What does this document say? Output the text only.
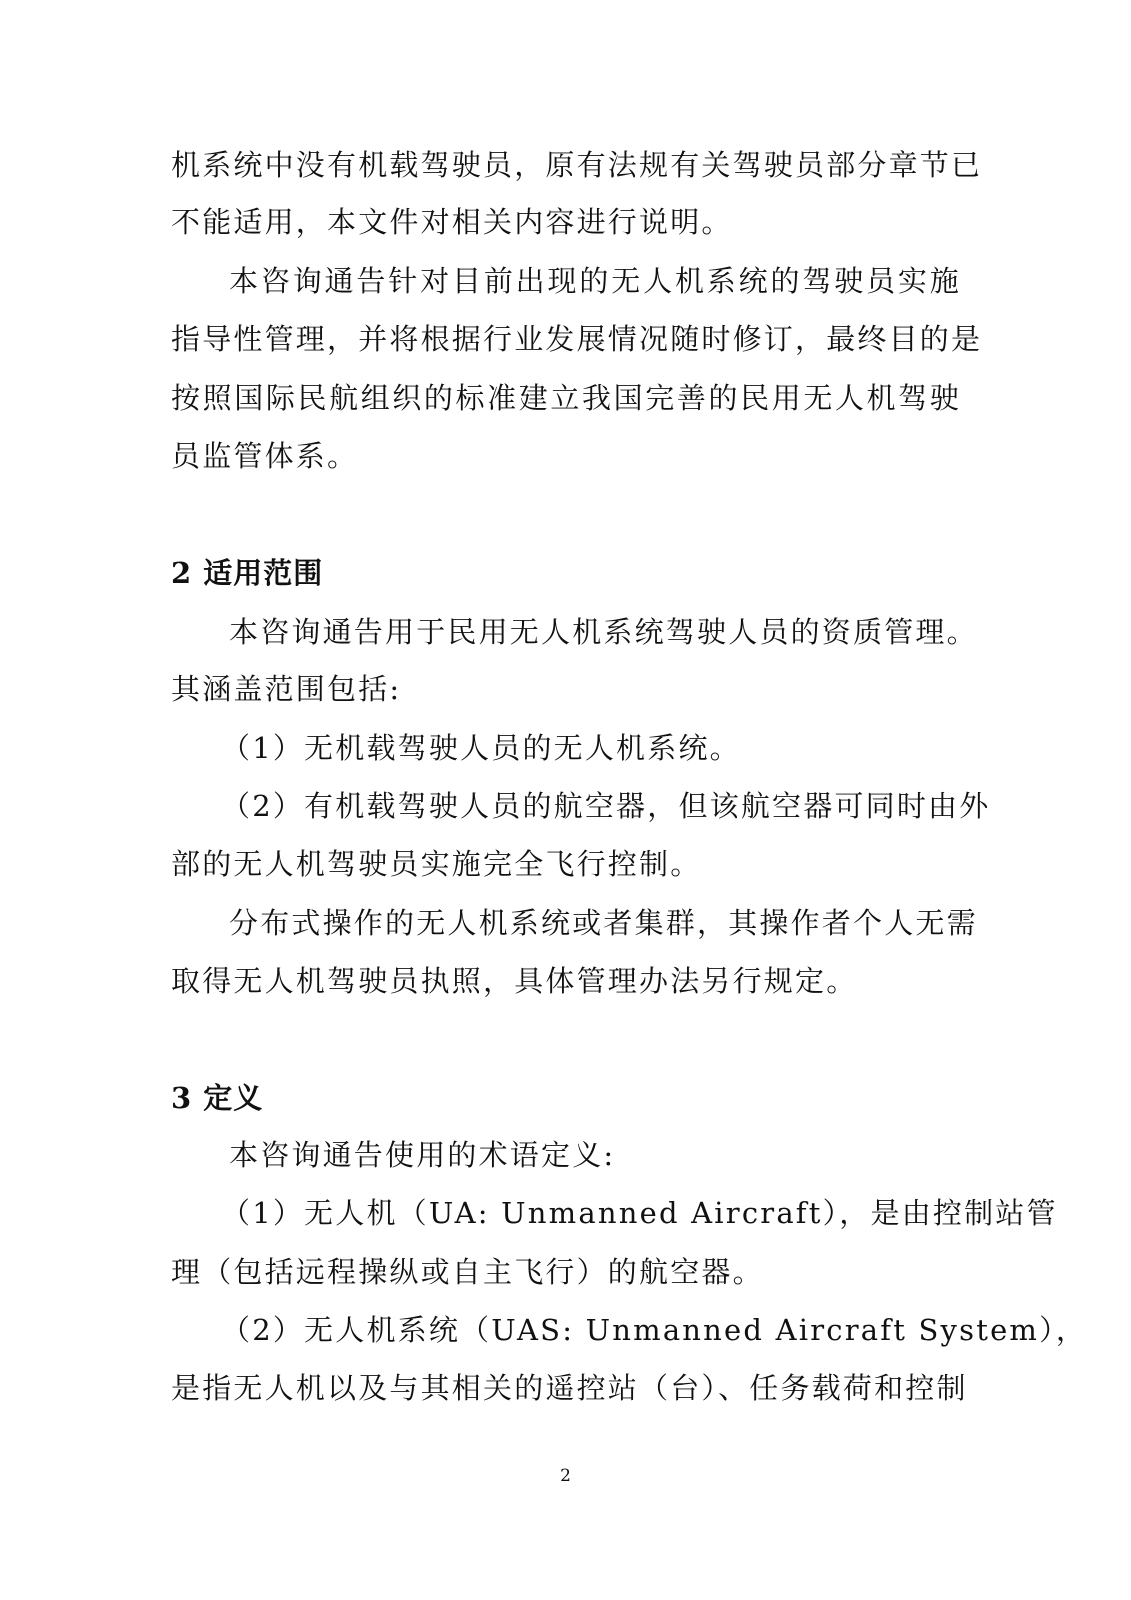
机系统中没有机载驾驶员，原有法规有关驾驶员部分章节已
不能适用，本文件对相关内容进行说明。
本咨询通告针对目前出现的无人机系统的驾驶员实施
指导性管理，并将根据行业发展情况随时修订，最终目的是
按照国际民航组织的标准建立我国完善的民用无人机驾驶
员监管体系。
2 适用范围
本咨询通告用于民用无人机系统驾驶人员的资质管理。
其涵盖范围包括:
（1）无机载驾驶人员的无人机系统。
（2）有机载驾驶人员的航空器，但该航空器可同时由外
部的无人机驾驶员实施完全飞行控制。
分布式操作的无人机系统或者集群，其操作者个人无需
取得无人机驾驶员执照，具体管理办法另行规定。
3 定义
本咨询通告使用的术语定义:
（1）无人机（UA: Unmanned Aircraft），是由控制站管
理（包括远程操纵或自主飞行）的航空器。
（2）无人机系统（UAS: Unmanned Aircraft System），
是指无人机以及与其相关的遥控站（台）、任务载荷和控制
2
